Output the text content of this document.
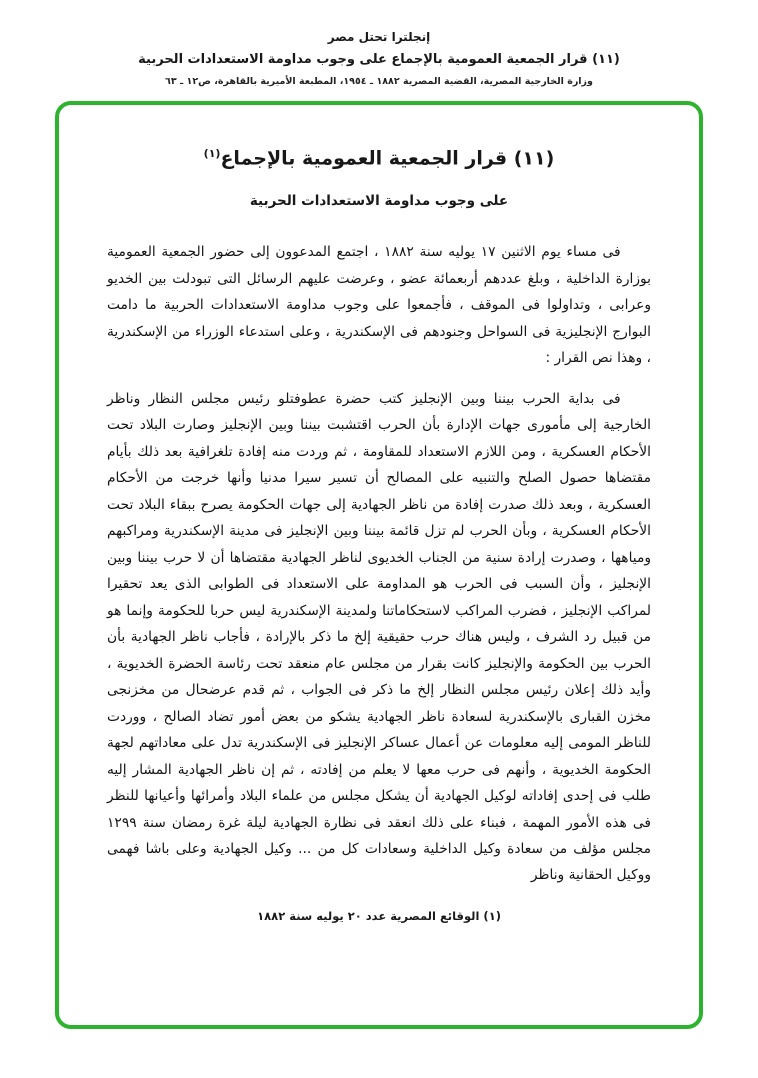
إنجلترا تحتل مصر
(١١) قرار الجمعية العمومية بالإجماع على وجوب مداومة الاستعدادات الحربية
وزارة الخارجية المصرية، القضية المصرية ١٨٨٢ ـ ١٩٥٤، المطبعة الأميرية بالقاهرة، ص١٢ ـ ٦٣
(١١) قرار الجمعية العمومية بالإجماع$^{(١)}$
على وجوب مداومة الاستعدادات الحربية

فى مساء يوم الاثنين ١٧ يوليه سنة ١٨٨٢ ، اجتمع المدعوون إلى حضور الجمعية العمومية بوزارة الداخلية ، وبلغ عددهم أربعمائة عضو ، وعرضت عليهم الرسائل التى تبودلت بين الخديو وعرابى ، وتداولوا فى الموقف ، فأجمعوا على وجوب مداومة الاستعدادات الحربية ما دامت البوارج الإنجليزية فى السواحل وجنودهم فى الإسكندرية ، وعلى استدعاء الوزراء من الإسكندرية ، وهذا نص القرار :

فى بداية الحرب بيننا وبين الإنجليز كتب حضرة عطوفتلو رئيس مجلس النظار وناظر الخارجية إلى مأمورى جهات الإدارة بأن الحرب اقتشبت بيننا وبين الإنجليز وصارت البلاد تحت الأحكام العسكرية ، ومن اللازم الاستعداد للمقاومة ، ثم وردت منه إفادة تلغرافية بعد ذلك بأيام مقتضاها حصول الصلح والتنبيه على المصالح أن تسير سيرا مدنيا وأنها خرجت من الأحكام العسكرية ، وبعد ذلك صدرت إفادة من ناظر الجهادية إلى جهات الحكومة يصرح ببقاء البلاد تحت الأحكام العسكرية ، وبأن الحرب لم تزل قائمة بيننا وبين الإنجليز فى مدينة الإسكندرية ومراكبهم ومياهها ، وصدرت إرادة سنية من الجناب الخديوى لناظر الجهادية مقتضاها أن لا حرب بيننا وبين الإنجليز ، وأن السبب فى الحرب هو المداومة على الاستعداد فى الطوابى الذى يعد تحقيرا لمراكب الإنجليز ، فضرب المراكب لاستحكاماتنا ولمدينة الإسكندرية ليس حربا للحكومة وإنما هو من قبيل رد الشرف ، وليس هناك حرب حقيقية إلخ ما ذكر بالإرادة ، فأجاب ناظر الجهادية بأن الحرب بين الحكومة والإنجليز كانت بقرار من مجلس عام منعقد تحت رئاسة الحضرة الخديوية ، وأيد ذلك إعلان رئيس مجلس النظار إلخ ما ذكر فى الجواب ، ثم قدم عرضحال من مخزنجى مخزن القبارى بالإسكندرية لسعادة ناظر الجهادية يشكو من بعض أمور تضاد الصالح ، ووردت للناظر المومى إليه معلومات عن أعمال عساكر الإنجليز فى الإسكندرية تدل على معاداتهم لجهة الحكومة الخديوية ، وأنهم فى حرب معها لا يعلم من إفادته ، ثم إن ناظر الجهادية المشار إليه طلب فى إحدى إفاداته لوكيل الجهادية أن يشكل مجلس من علماء البلاد وأمرائها وأعيانها للنظر فى هذه الأمور المهمة ، فبناء على ذلك انعقد فى نظارة الجهادية ليلة غرة رمضان سنة ١٢٩٩ مجلس مؤلف من سعادة وكيل الداخلية وسعادات كل من ... وكيل الجهادية وعلى باشا فهمى ووكيل الحقانية وناظر

(١) الوقائع المصرية عدد ٢٠ يوليه سنة ١٨٨٢
